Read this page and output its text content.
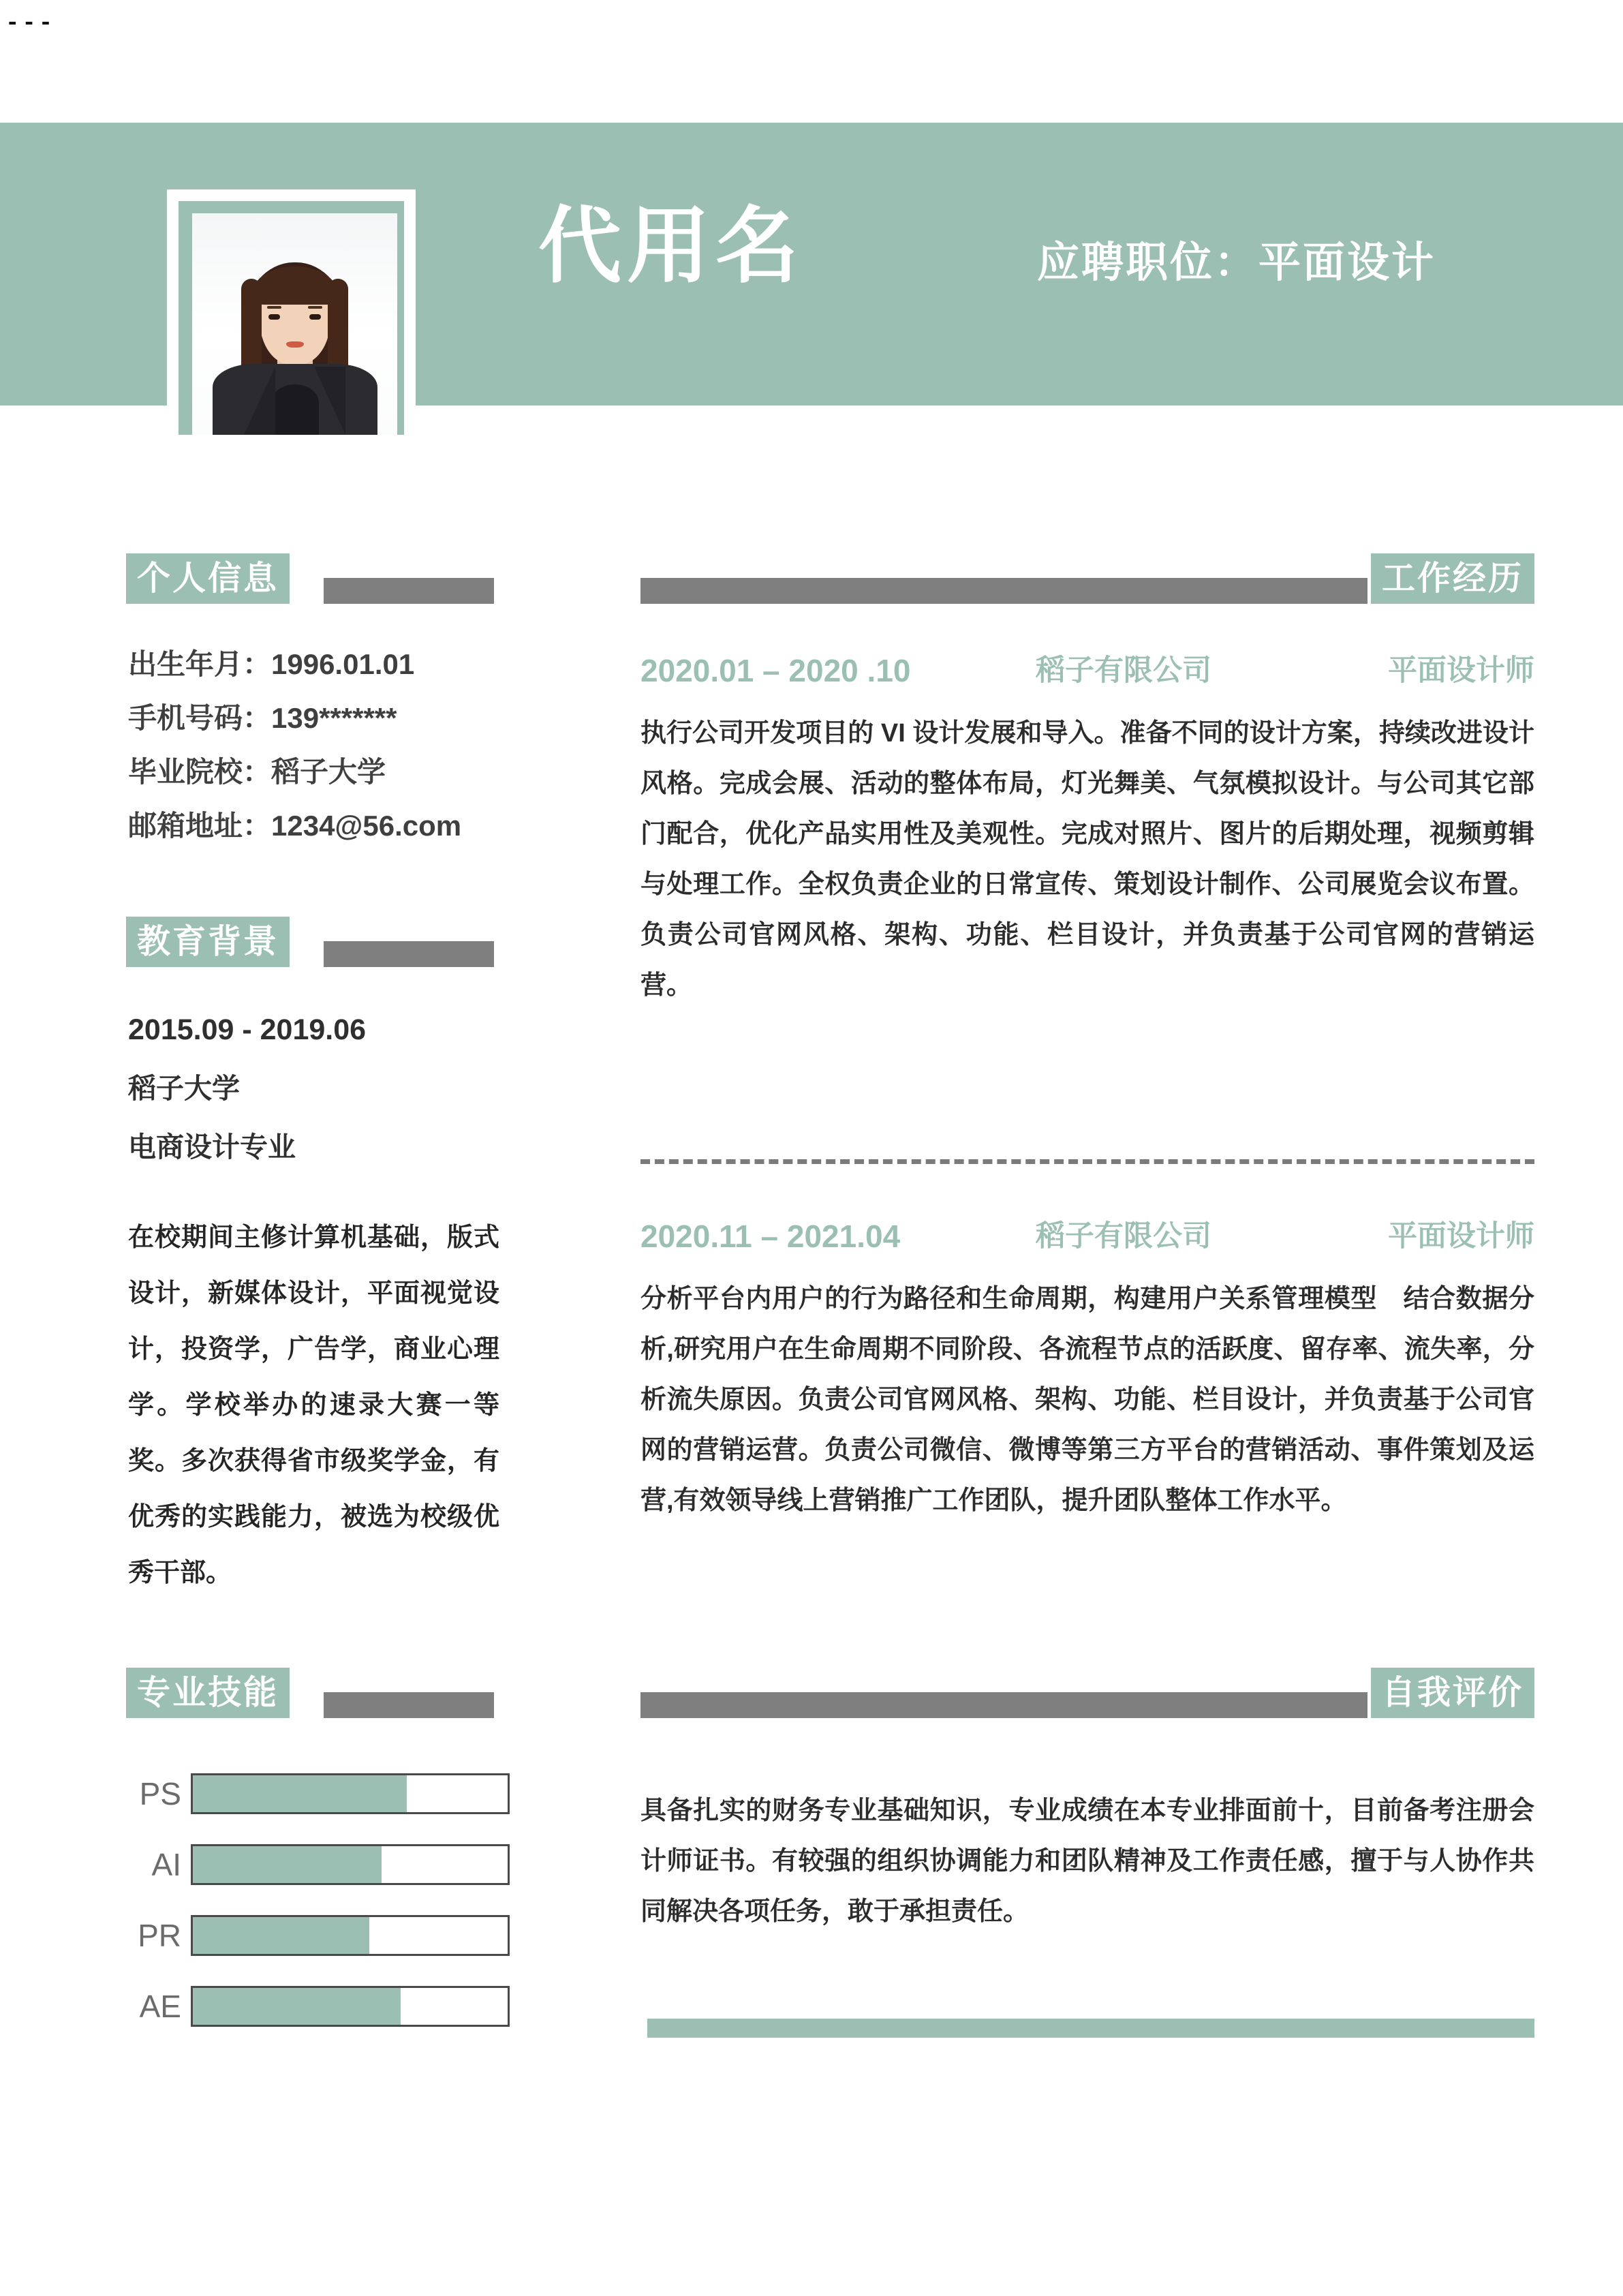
---
代用名	应聘职位：平面设计
个人信息
出生年月：1996.01.01
手机号码：139*******
毕业院校：稻子大学
邮箱地址：1234@56.com
教育背景
2015.09 - 2019.06
稻子大学
电商设计专业
在校期间主修计算机基础，版式设计，新媒体设计，平面视觉设计，投资学，广告学，商业心理学。学校举办的速录大赛一等奖。多次获得省市级奖学金，有优秀的实践能力，被选为校级优秀干部。
专业技能
PS
AI
PR
AE
工作经历
2020.01 – 2020 .10	稻子有限公司	平面设计师
执行公司开发项目的 VI 设计发展和导入。准备不同的设计方案，持续改进设计风格。完成会展、活动的整体布局，灯光舞美、气氛模拟设计。与公司其它部门配合，优化产品实用性及美观性。完成对照片、图片的后期处理，视频剪辑与处理工作。全权负责企业的日常宣传、策划设计制作、公司展览会议布置。负责公司官网风格、架构、功能、栏目设计，并负责基于公司官网的营销运营。
2020.11 – 2021.04	稻子有限公司	平面设计师
分析平台内用户的行为路径和生命周期，构建用户关系管理模型　结合数据分析,研究用户在生命周期不同阶段、各流程节点的活跃度、留存率、流失率，分析流失原因。负责公司官网风格、架构、功能、栏目设计，并负责基于公司官网的营销运营。负责公司微信、微博等第三方平台的营销活动、事件策划及运营,有效领导线上营销推广工作团队，提升团队整体工作水平。
自我评价
具备扎实的财务专业基础知识，专业成绩在本专业排面前十，目前备考注册会计师证书。有较强的组织协调能力和团队精神及工作责任感，擅于与人协作共同解决各项任务，敢于承担责任。
